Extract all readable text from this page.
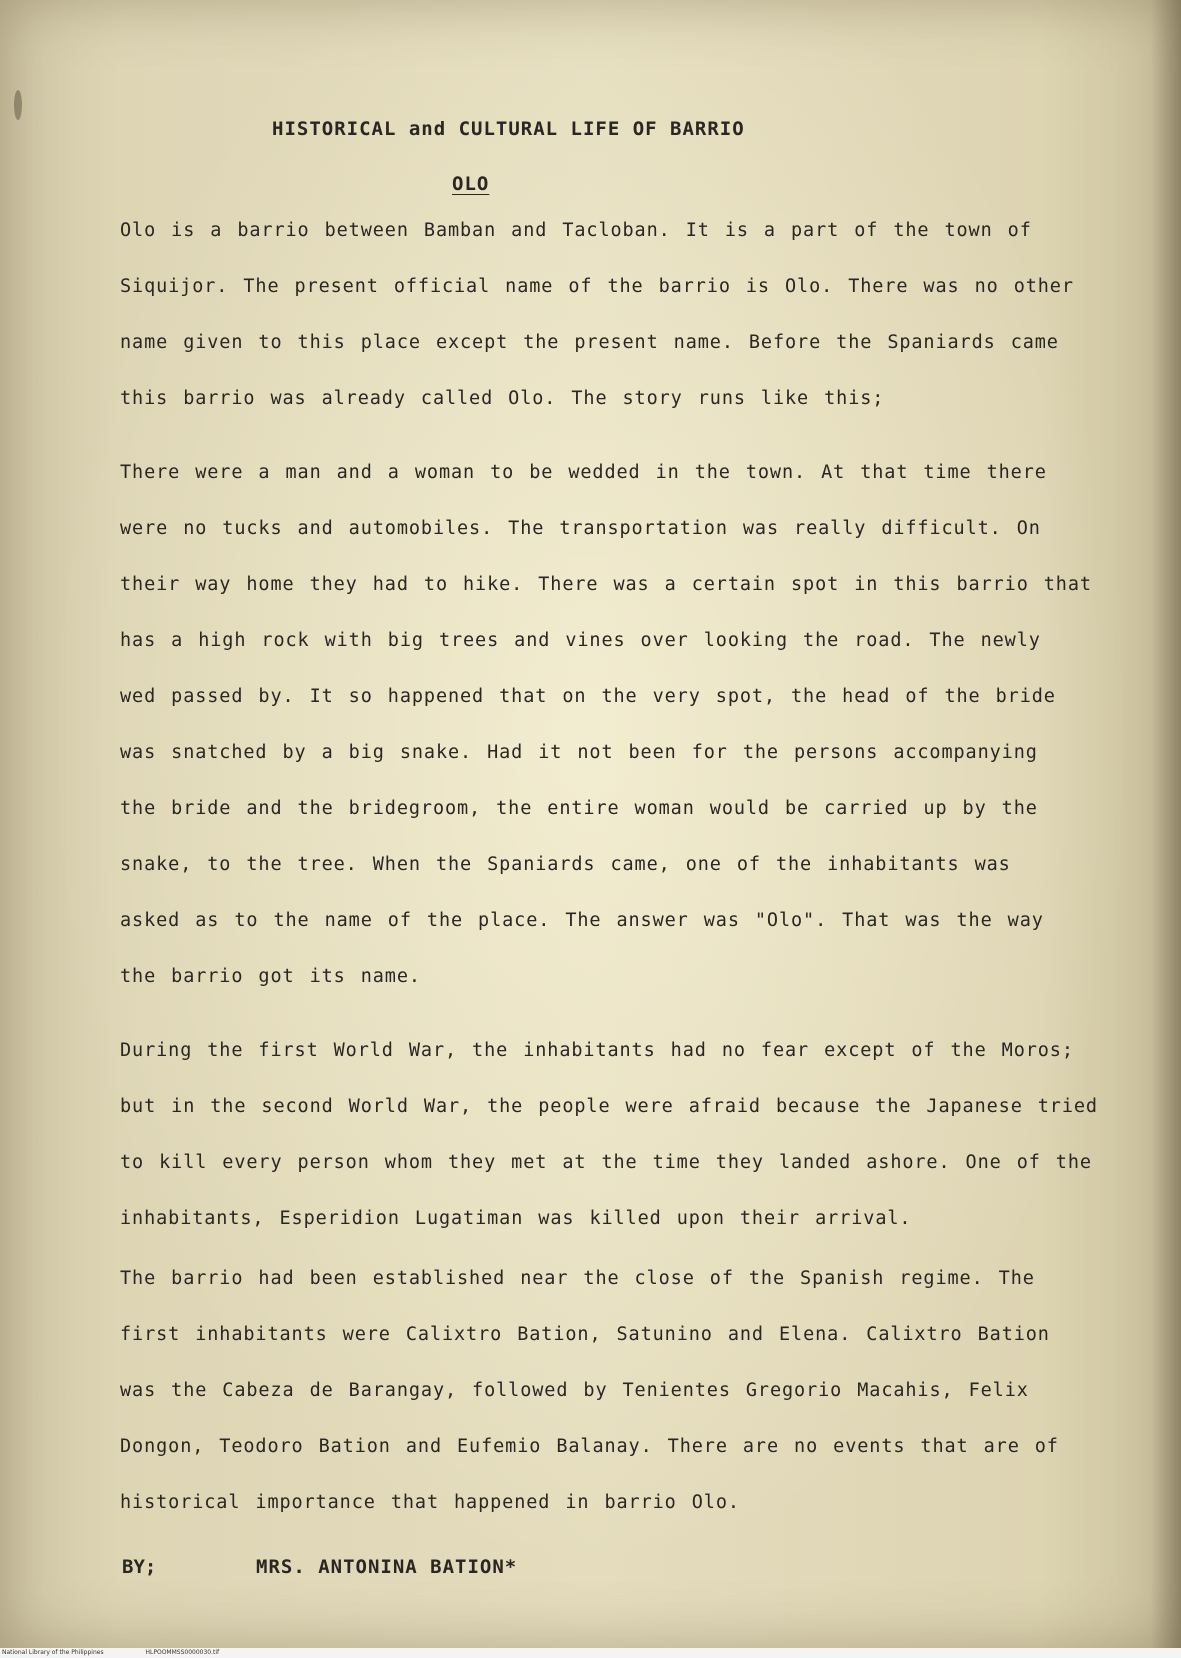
HISTORICAL and CULTURAL LIFE OF BARRIO
OLO
Olo is a barrio between Bamban and Tacloban. It is a part of the town of
Siquijor. The present official name of the barrio is Olo. There was no other
name given to this place except the present name. Before the Spaniards came
this barrio was already called Olo. The story runs like this;
There were a man and a woman to be wedded in the town. At that time there
were no tucks and automobiles. The transportation was really difficult. On
their way home they had to hike. There was a certain spot in this barrio that
has a high rock with big trees and vines over looking the road. The newly
wed passed by. It so happened that on the very spot, the head of the bride
was snatched by a big snake. Had it not been for the persons accompanying
the bride and the bridegroom, the entire woman would be carried up by the
snake, to the tree. When the Spaniards came, one of the inhabitants was
asked as to the name of the place. The answer was "Olo". That was the way
the barrio got its name.
During the first World War, the inhabitants had no fear except of the Moros;
but in the second World War, the people were afraid because the Japanese tried
to kill every person whom they met at the time they landed ashore. One of the
inhabitants, Esperidion Lugatiman was killed upon their arrival.
The barrio had been established near the close of the Spanish regime. The
first inhabitants were Calixtro Bation, Satunino and Elena. Calixtro Bation
was the Cabeza de Barangay, followed by Tenientes Gregorio Macahis, Felix
Dongon, Teodoro Bation and Eufemio Balanay. There are no events that are of
BY;	MRS. ANTONINA BATION*
historical importance that happened in barrio Olo.
National Library of the Philippines	HLPOOMMSS0000030.tif
